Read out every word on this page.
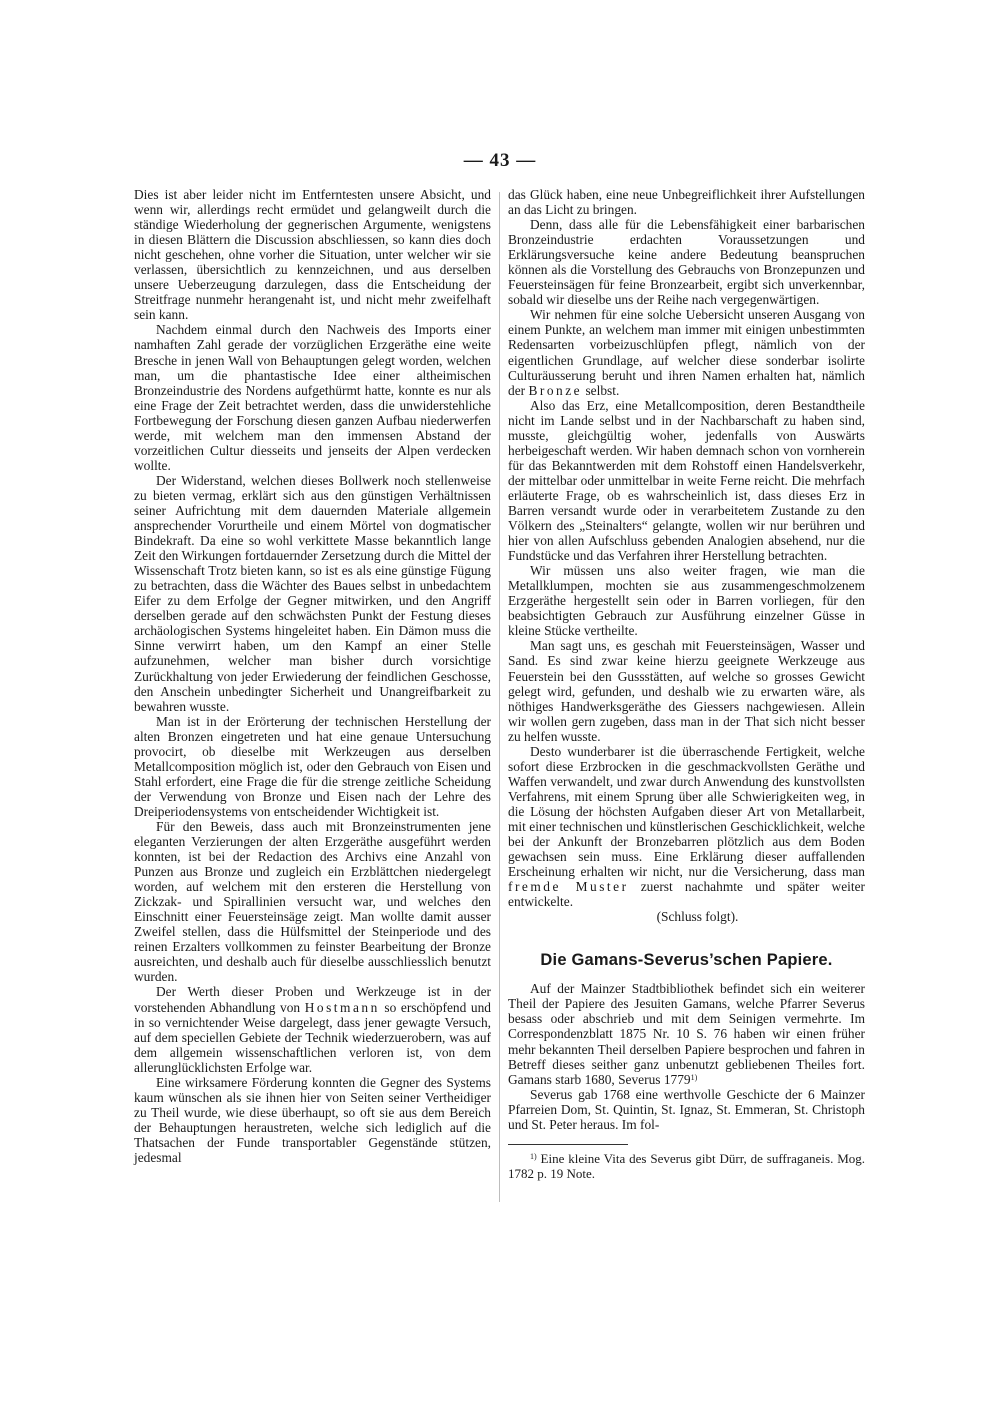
— 43 —

Dies ist aber leider nicht im Entferntesten unsere Absicht, und wenn wir, allerdings recht ermüdet und gelangweilt durch die ständige Wiederholung der gegnerischen Argumente, wenigstens in diesen Blättern die Discussion abschliessen, so kann dies doch nicht geschehen, ohne vorher die Situation, unter welcher wir sie verlassen, übersichtlich zu kennzeichnen, und aus derselben unsere Ueberzeugung darzulegen, dass die Entscheidung der Streitfrage nunmehr herangenaht ist, und nicht mehr zweifelhaft sein kann.

Nachdem einmal durch den Nachweis des Imports einer namhaften Zahl gerade der vorzüglichen Erzgeräthe eine weite Bresche in jenen Wall von Behauptungen gelegt worden, welchen man, um die phantastische Idee einer altheimischen Bronzeindustrie des Nordens aufgethürmt hatte, konnte es nur als eine Frage der Zeit betrachtet werden, dass die unwiderstehliche Fortbewegung der Forschung diesen ganzen Aufbau niederwerfen werde, mit welchem man den immensen Abstand der vorzeitlichen Cultur diesseits und jenseits der Alpen verdecken wollte.

Der Widerstand, welchen dieses Bollwerk noch stellenweise zu bieten vermag, erklärt sich aus den günstigen Verhältnissen seiner Aufrichtung mit dem dauernden Materiale allgemein ansprechender Vorurtheile und einem Mörtel von dogmatischer Bindekraft. Da eine so wohl verkittete Masse bekanntlich lange Zeit den Wirkungen fortdauernder Zersetzung durch die Mittel der Wissenschaft Trotz bieten kann, so ist es als eine günstige Fügung zu betrachten, dass die Wächter des Baues selbst in unbedachtem Eifer zu dem Erfolge der Gegner mitwirken, und den Angriff derselben gerade auf den schwächsten Punkt der Festung dieses archäologischen Systems hingeleitet haben. Ein Dämon muss die Sinne verwirrt haben, um den Kampf an einer Stelle aufzunehmen, welcher man bisher durch vorsichtige Zurückhaltung von jeder Erwiederung der feindlichen Geschosse, den Anschein unbedingter Sicherheit und Unangreifbarkeit zu bewahren wusste.

Man ist in der Erörterung der technischen Herstellung der alten Bronzen eingetreten und hat eine genaue Untersuchung provocirt, ob dieselbe mit Werkzeugen aus derselben Metallcomposition möglich ist, oder den Gebrauch von Eisen und Stahl erfordert, eine Frage die für die strenge zeitliche Scheidung der Verwendung von Bronze und Eisen nach der Lehre des Dreiperiodensystems von entscheidender Wichtigkeit ist.

Für den Beweis, dass auch mit Bronzeinstrumenten jene eleganten Verzierungen der alten Erzgeräthe ausgeführt werden konnten, ist bei der Redaction des Archivs eine Anzahl von Punzen aus Bronze und zugleich ein Erzblättchen niedergelegt worden, auf welchem mit den ersteren die Herstellung von Zickzak- und Spirallinien versucht war, und welches den Einschnitt einer Feuersteinsäge zeigt. Man wollte damit ausser Zweifel stellen, dass die Hülfsmittel der Steinperiode und des reinen Erzalters vollkommen zu feinster Bearbeitung der Bronze ausreichten, und deshalb auch für dieselbe ausschliesslich benutzt wurden.

Der Werth dieser Proben und Werkzeuge ist in der vorstehenden Abhandlung von Hostmann so erschöpfend und in so vernichtender Weise dargelegt, dass jener gewagte Versuch, auf dem speciellen Gebiete der Technik wiederzuerobern, was auf dem allgemein wissenschaftlichen verloren ist, von dem allerunglücklichsten Erfolge war.

Eine wirksamere Förderung konnten die Gegner des Systems kaum wünschen als sie ihnen hier von Seiten seiner Vertheidiger zu Theil wurde, wie diese überhaupt, so oft sie aus dem Bereich der Behauptungen heraustreten, welche sich lediglich auf die Thatsachen der Funde transportabler Gegenstände stützen, jedesmal

das Glück haben, eine neue Unbegreiflichkeit ihrer Aufstellungen an das Licht zu bringen.

Denn, dass alle für die Lebensfähigkeit einer barbarischen Bronzeindustrie erdachten Voraussetzungen und Erklärungsversuche keine andere Bedeutung beanspruchen können als die Vorstellung des Gebrauchs von Bronzepunzen und Feuersteinsägen für feine Bronzearbeit, ergibt sich unverkennbar, sobald wir dieselbe uns der Reihe nach vergegenwärtigen.

Wir nehmen für eine solche Uebersicht unseren Ausgang von einem Punkte, an welchem man immer mit einigen unbestimmten Redensarten vorbeizuschlüpfen pflegt, nämlich von der eigentlichen Grundlage, auf welcher diese sonderbar isolirte Culturäusserung beruht und ihren Namen erhalten hat, nämlich der Bronze selbst.

Also das Erz, eine Metallcomposition, deren Bestandtheile nicht im Lande selbst und in der Nachbarschaft zu haben sind, musste, gleichgültig woher, jedenfalls von Auswärts herbeigeschaft werden. Wir haben demnach schon von vornherein für das Bekanntwerden mit dem Rohstoff einen Handelsverkehr, der mittelbar oder unmittelbar in weite Ferne reicht. Die mehrfach erläuterte Frage, ob es wahrscheinlich ist, dass dieses Erz in Barren versandt wurde oder in verarbeitetem Zustande zu den Völkern des „Steinalters“ gelangte, wollen wir nur berühren und hier von allen Aufschluss gebenden Analogien absehend, nur die Fundstücke und das Verfahren ihrer Herstellung betrachten.

Wir müssen uns also weiter fragen, wie man die Metallklumpen, mochten sie aus zusammengeschmolzenem Erzgeräthe hergestellt sein oder in Barren vorliegen, für den beabsichtigten Gebrauch zur Ausführung einzelner Güsse in kleine Stücke vertheilte.

Man sagt uns, es geschah mit Feuersteinsägen, Wasser und Sand. Es sind zwar keine hierzu geeignete Werkzeuge aus Feuerstein bei den Gussstätten, auf welche so grosses Gewicht gelegt wird, gefunden, und deshalb wie zu erwarten wäre, als nöthiges Handwerksgeräthe des Giessers nachgewiesen. Allein wir wollen gern zugeben, dass man in der That sich nicht besser zu helfen wusste.

Desto wunderbarer ist die überraschende Fertigkeit, welche sofort diese Erzbrocken in die geschmackvollsten Geräthe und Waffen verwandelt, und zwar durch Anwendung des kunstvollsten Verfahrens, mit einem Sprung über alle Schwierigkeiten weg, in die Lösung der höchsten Aufgaben dieser Art von Metallarbeit, mit einer technischen und künstlerischen Geschicklichkeit, welche bei der Ankunft der Bronzebarren plötzlich aus dem Boden gewachsen sein muss. Eine Erklärung dieser auffallenden Erscheinung erhalten wir nicht, nur die Versicherung, dass man fremde Muster zuerst nachahmte und später weiter entwickelte.

(Schluss folgt).

Die Gamans-Severus’schen Papiere.

Auf der Mainzer Stadtbibliothek befindet sich ein weiterer Theil der Papiere des Jesuiten Gamans, welche Pfarrer Severus besass oder abschrieb und mit dem Seinigen vermehrte. Im Correspondenzblatt 1875 Nr. 10 S. 76 haben wir einen früher mehr bekannten Theil derselben Papiere besprochen und fahren in Betreff dieses seither ganz unbenutzt gebliebenen Theiles fort. Gamans starb 1680, Severus 1779$^{1)}$

Severus gab 1768 eine werthvolle Geschicte der 6 Mainzer Pfarreien Dom, St. Quintin, St. Ignaz, St. Emmeran, St. Christoph und St. Peter heraus. Im fol-

$^{1)}$ Eine kleine Vita des Severus gibt Dürr, de suffraganeis. Mog. 1782 p. 19 Note.
